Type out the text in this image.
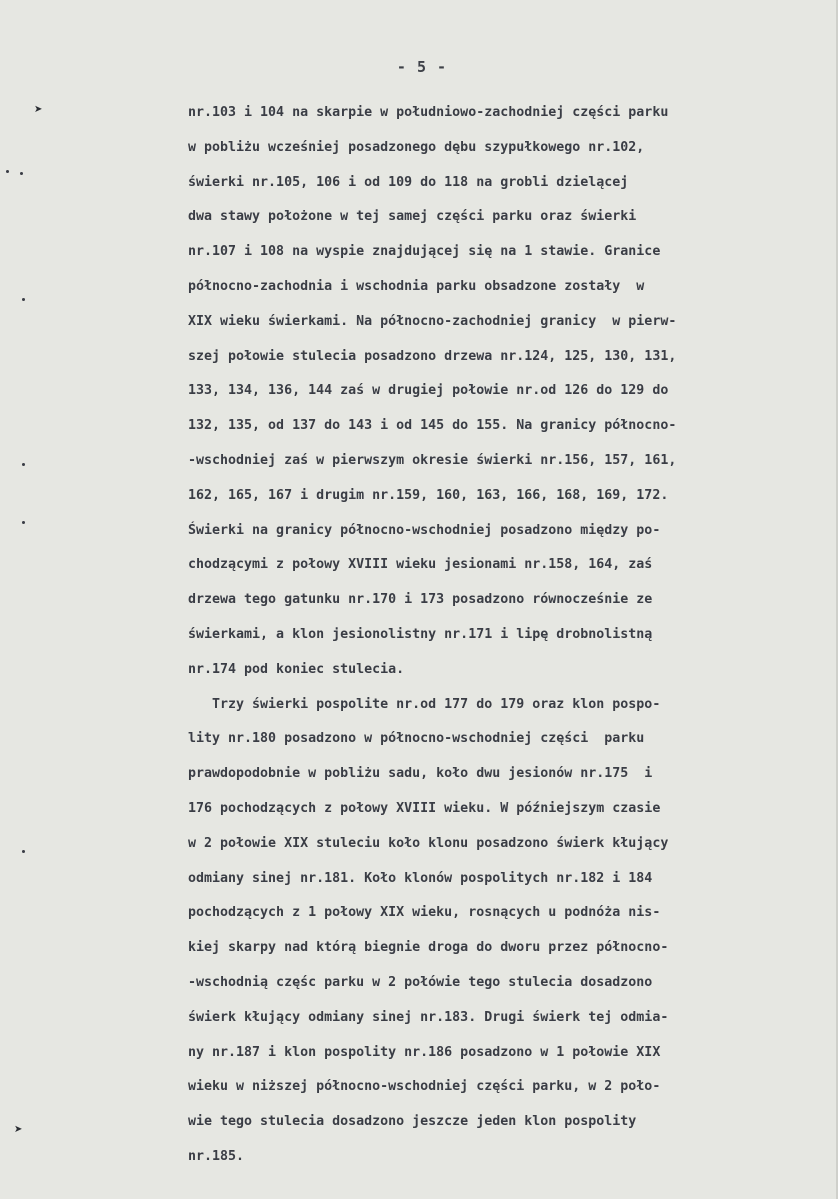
- 5 -
➤
➤
nr.103 i 104 na skarpie w południowo-zachodniej części parku
w pobliżu wcześniej posadzonego dębu szypułkowego nr.102,
świerki nr.105, 106 i od 109 do 118 na grobli dzielącej
dwa stawy położone w tej samej części parku oraz świerki
nr.107 i 108 na wyspie znajdującej się na 1 stawie. Granice
północno-zachodnia i wschodnia parku obsadzone zostały  w
XIX wieku świerkami. Na północno-zachodniej granicy  w pierw-
szej połowie stulecia posadzono drzewa nr.124, 125, 130, 131,
133, 134, 136, 144 zaś w drugiej połowie nr.od 126 do 129 do
132, 135, od 137 do 143 i od 145 do 155. Na granicy północno-
-wschodniej zaś w pierwszym okresie świerki nr.156, 157, 161,
162, 165, 167 i drugim nr.159, 160, 163, 166, 168, 169, 172.
Świerki na granicy północno-wschodniej posadzono między po-
chodzącymi z połowy XVIII wieku jesionami nr.158, 164, zaś
drzewa tego gatunku nr.170 i 173 posadzono równocześnie ze
świerkami, a klon jesionolistny nr.171 i lipę drobnolistną
nr.174 pod koniec stulecia.
Trzy świerki pospolite nr.od 177 do 179 oraz klon pospo-
lity nr.180 posadzono w północno-wschodniej części  parku
prawdopodobnie w pobliżu sadu, koło dwu jesionów nr.175  i
176 pochodzących z połowy XVIII wieku. W późniejszym czasie
w 2 połowie XIX stuleciu koło klonu posadzono świerk kłujący
odmiany sinej nr.181. Koło klonów pospolitych nr.182 i 184
pochodzących z 1 połowy XIX wieku, rosnących u podnóża nis-
kiej skarpy nad którą biegnie droga do dworu przez północno-
-wschodnią częśc parku w 2 połówie tego stulecia dosadzono
świerk kłujący odmiany sinej nr.183. Drugi świerk tej odmia-
ny nr.187 i klon pospolity nr.186 posadzono w 1 połowie XIX
wieku w niższej północno-wschodniej części parku, w 2 poło-
wie tego stulecia dosadzono jeszcze jeden klon pospolity
nr.185.
